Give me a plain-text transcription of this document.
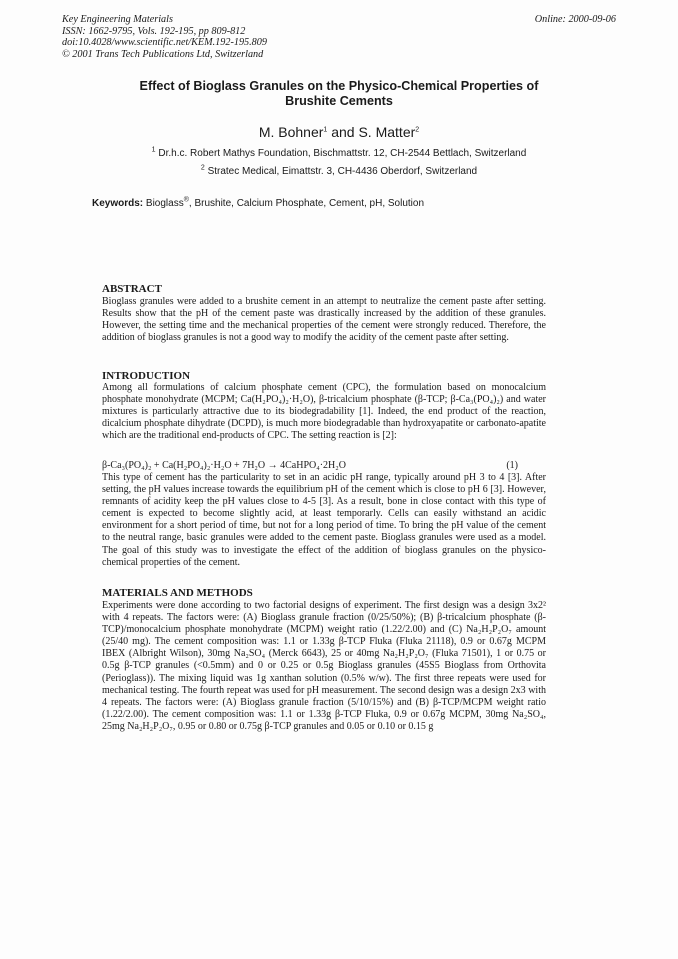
Key Engineering Materials
ISSN: 1662-9795, Vols. 192-195, pp 809-812
doi:10.4028/www.scientific.net/KEM.192-195.809
© 2001 Trans Tech Publications Ltd, Switzerland
Online: 2000-09-06
Effect of Bioglass Granules on the Physico-Chemical Properties of
Brushite Cements
M. Bohner$^1$ and S. Matter$^2$
$^1$ Dr.h.c. Robert Mathys Foundation, Bischmattstr. 12, CH-2544 Bettlach, Switzerland
$^2$ Stratec Medical, Eimattstr. 3, CH-4436 Oberdorf, Switzerland
Keywords: Bioglass®, Brushite, Calcium Phosphate, Cement, pH, Solution
ABSTRACT
Bioglass granules were added to a brushite cement in an attempt to neutralize the cement paste after setting. Results show that the pH of the cement paste was drastically increased by the addition of these granules. However, the setting time and the mechanical properties of the cement were strongly reduced. Therefore, the addition of bioglass granules is not a good way to modify the acidity of the cement paste after setting.
INTRODUCTION
Among all formulations of calcium phosphate cement (CPC), the formulation based on monocalcium phosphate monohydrate (MCPM; Ca(H₂PO₄)₂·H₂O), β-tricalcium phosphate (β-TCP; β-Ca₃(PO₄)₂) and water mixtures is particularly attractive due to its biodegradability [1]. Indeed, the end product of the reaction, dicalcium phosphate dihydrate (DCPD), is much more biodegradable than hydroxyapatite or carbonato-apatite which are the traditional end-products of CPC. The setting reaction is [2]:
β-Ca₃(PO₄)₂ + Ca(H₂PO₄)₂·H₂O + 7H₂O → 4CaHPO₄·2H₂O	(1)
This type of cement has the particularity to set in an acidic pH range, typically around pH 3 to 4 [3]. After setting, the pH values increase towards the equilibrium pH of the cement which is close to pH 6 [3]. However, remnants of acidity keep the pH values close to 4-5 [3]. As a result, bone in close contact with this type of cement is expected to become slightly acid, at least temporarly. Cells can easily withstand an acidic environment for a short period of time, but not for a long period of time. To bring the pH value of the cement to the neutral range, basic granules were added to the cement paste. Bioglass granules were used as a model. The goal of this study was to investigate the effect of the addition of bioglass granules on the physico-chemical properties of the cement.
MATERIALS AND METHODS
Experiments were done according to two factorial designs of experiment. The first design was a design 3x2² with 4 repeats. The factors were: (A) Bioglass granule fraction (0/25/50%); (B) β-tricalcium phosphate (β-TCP)/monocalcium phosphate monohydrate (MCPM) weight ratio (1.22/2.00) and (C) Na₂H₂P₂O₇ amount (25/40 mg). The cement composition was: 1.1 or 1.33g β-TCP Fluka (Fluka 21118), 0.9 or 0.67g MCPM IBEX (Albright Wilson), 30mg Na₂SO₄ (Merck 6643), 25 or 40mg Na₂H₂P₂O₇ (Fluka 71501), 1 or 0.75 or 0.5g β-TCP granules (<0.5mm) and 0 or 0.25 or 0.5g Bioglass granules (45S5 Bioglass from Orthovita (Perioglass)). The mixing liquid was 1g xanthan solution (0.5% w/w). The first three repeats were used for mechanical testing. The fourth repeat was used for pH measurement. The second design was a design 2x3 with 4 repeats. The factors were: (A) Bioglass granule fraction (5/10/15%) and (B) β-TCP/MCPM weight ratio (1.22/2.00). The cement composition was: 1.1 or 1.33g β-TCP Fluka, 0.9 or 0.67g MCPM, 30mg Na₂SO₄, 25mg Na₂H₂P₂O₇, 0.95 or 0.80 or 0.75g β-TCP granules and 0.05 or 0.10 or 0.15 g
